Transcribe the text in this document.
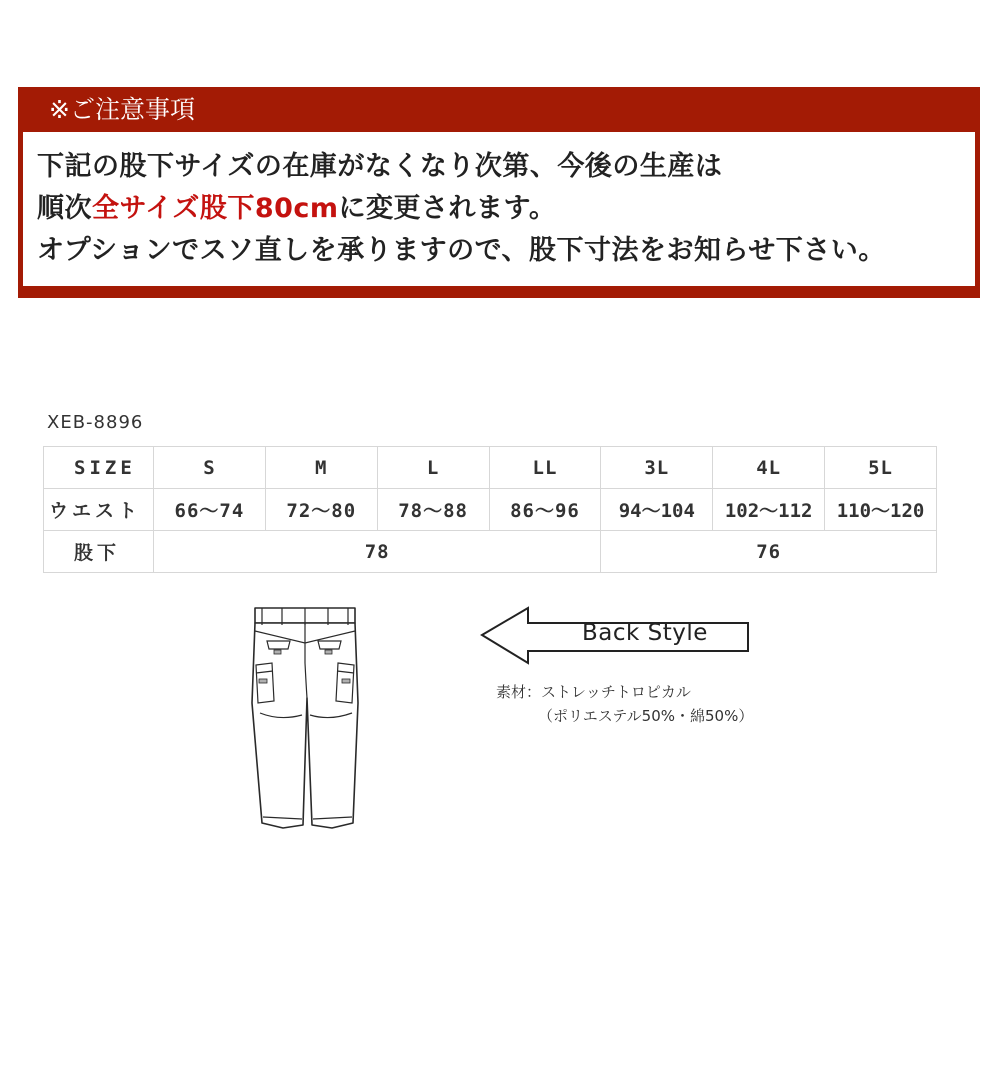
※ご注意事項
下記の股下サイズの在庫がなくなり次第、今後の生産は
順次全サイズ股下80cmに変更されます。
オプションでスソ直しを承りますので、股下寸法をお知らせ下さい。
XEB-8896
SIZE	S	M	L	LL	3L	4L	5L
ウエスト	66～74	72～80	78～88	86～96	94～104	102～112	110～120
股下	78				76		
Back Style
素材：ストレッチトロピカル
（ポリエステル50%・綿50%）
